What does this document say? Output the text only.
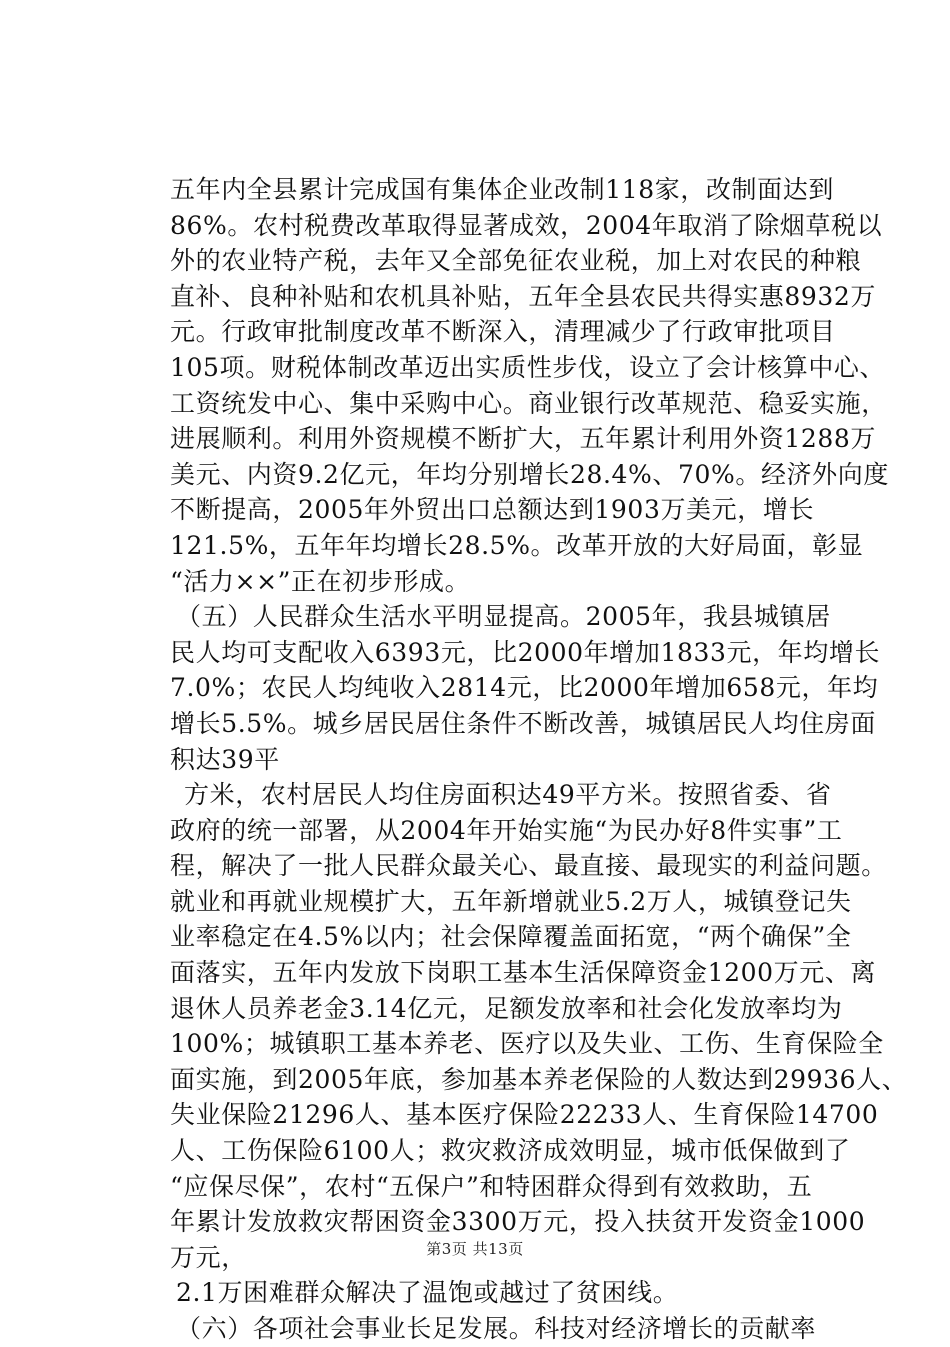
五年内全县累计完成国有集体企业改制118家，改制面达到
86%。农村税费改革取得显著成效，2004年取消了除烟草税以
外的农业特产税，去年又全部免征农业税，加上对农民的种粮
直补、良种补贴和农机具补贴，五年全县农民共得实惠8932万
元。行政审批制度改革不断深入，清理减少了行政审批项目
105项。财税体制改革迈出实质性步伐，设立了会计核算中心、
工资统发中心、集中采购中心。商业银行改革规范、稳妥实施，
进展顺利。利用外资规模不断扩大，五年累计利用外资1288万
美元、内资9.2亿元，年均分别增长28.4%、70%。经济外向度
不断提高，2005年外贸出口总额达到1903万美元，增长
121.5%，五年年均增长28.5%。改革开放的大好局面，彰显
“活力××”正在初步形成。
（五）人民群众生活水平明显提高。2005年，我县城镇居
民人均可支配收入6393元，比2000年增加1833元，年均增长
7.0%；农民人均纯收入2814元，比2000年增加658元，年均
增长5.5%。城乡居民居住条件不断改善，城镇居民人均住房面
积达39平
方米，农村居民人均住房面积达49平方米。按照省委、省
政府的统一部署，从2004年开始实施“为民办好8件实事”工
程，解决了一批人民群众最关心、最直接、最现实的利益问题。
就业和再就业规模扩大，五年新增就业5.2万人，城镇登记失
业率稳定在4.5%以内；社会保障覆盖面拓宽，“两个确保”全
面落实，五年内发放下岗职工基本生活保障资金1200万元、离
退休人员养老金3.14亿元，足额发放率和社会化发放率均为
100%；城镇职工基本养老、医疗以及失业、工伤、生育保险全
面实施，到2005年底，参加基本养老保险的人数达到29936人、
失业保险21296人、基本医疗保险22233人、生育保险14700
人、工伤保险6100人；救灾救济成效明显，城市低保做到了
“应保尽保”，农村“五保户”和特困群众得到有效救助，五
年累计发放救灾帮困资金3300万元，投入扶贫开发资金1000
万元，
2.1万困难群众解决了温饱或越过了贫困线。
（六）各项社会事业长足发展。科技对经济增长的贡献率
第3页 共13页
